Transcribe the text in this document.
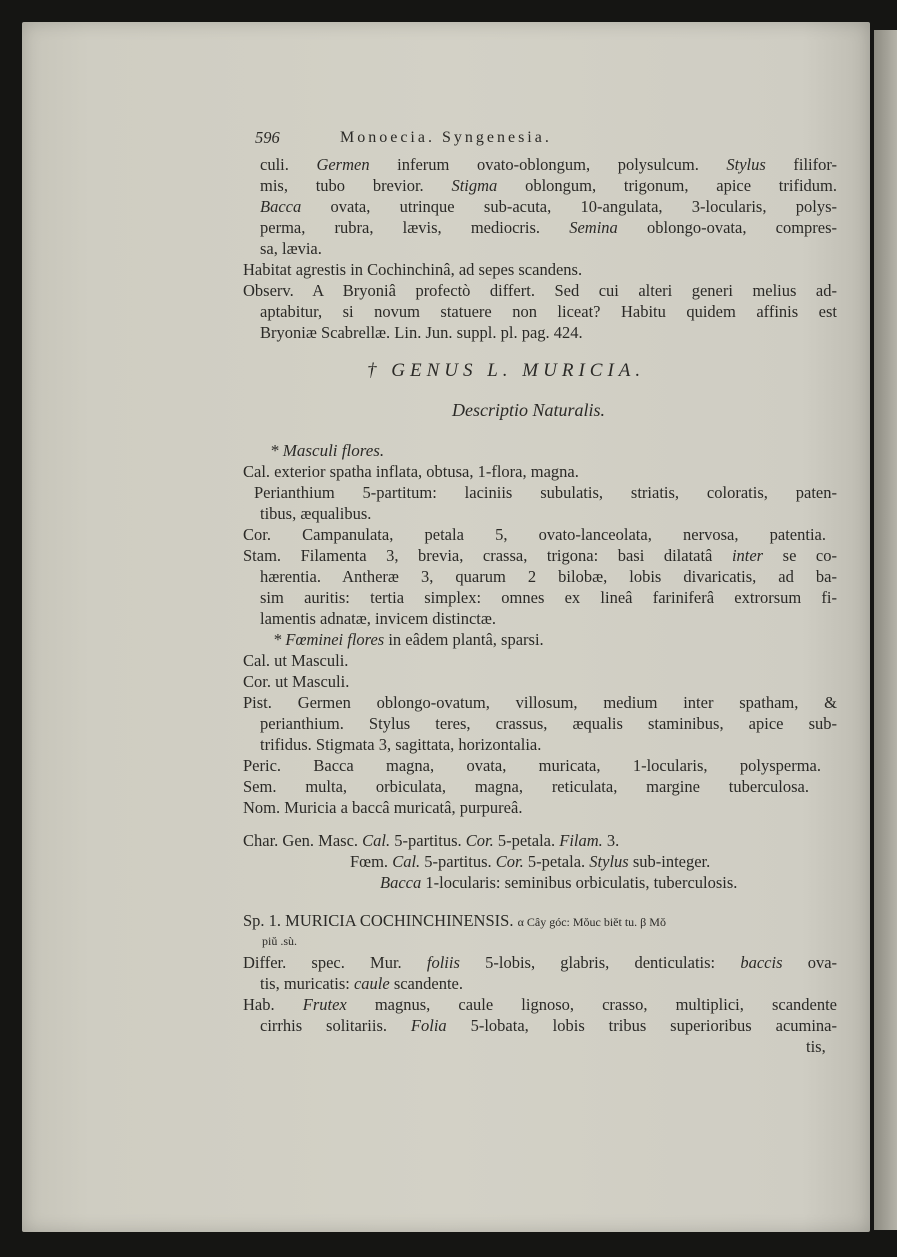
596	Monoecia. Syngenesia.
culi. Germen inferum ovato-oblongum, polysulcum. Stylus filifor-
mis, tubo brevior. Stigma oblongum, trigonum, apice trifidum.
Bacca ovata, utrinque sub-acuta, 10-angulata, 3-locularis, polys-
perma, rubra, lævis, mediocris. Semina oblongo-ovata, compres-
sa, lævia.
Habitat agrestis in Cochinchinâ, ad sepes scandens.
Observ. A Bryoniâ profectò differt. Sed cui alteri generi melius ad-
aptabitur, si novum statuere non liceat? Habitu quidem affinis est
Bryoniæ Scabrellæ. Lin. Jun. suppl. pl. pag. 424.
† GENUS L. MURICIA.
Descriptio Naturalis.
* Masculi flores.
Cal. exterior spatha inflata, obtusa, 1-flora, magna.
Perianthium 5-partitum: laciniis subulatis, striatis, coloratis, paten-
tibus, æqualibus.
Cor. Campanulata, petala 5, ovato-lanceolata, nervosa, patentia.
Stam. Filamenta 3, brevia, crassa, trigona: basi dilatatâ inter se co-
hærentia. Antheræ 3, quarum 2 bilobæ, lobis divaricatis, ad ba-
sim auritis: tertia simplex: omnes ex lineâ fariniferâ extrorsum fi-
lamentis adnatæ, invicem distinctæ.
* Fœminei flores in eâdem plantâ, sparsi.
Cal. ut Masculi.
Cor. ut Masculi.
Pist. Germen oblongo-ovatum, villosum, medium inter spatham, &
perianthium. Stylus teres, crassus, æqualis staminibus, apice sub-
trifidus. Stigmata 3, sagittata, horizontalia.
Peric. Bacca magna, ovata, muricata, 1-locularis, polysperma.
Sem. multa, orbiculata, magna, reticulata, margine tuberculosa.
Nom. Muricia a baccâ muricatâ, purpureâ.
Char. Gen. Masc. Cal. 5-partitus. Cor. 5-petala. Filam. 3.
Fœm. Cal. 5-partitus. Cor. 5-petala. Stylus sub-integer.
Bacca 1-locularis: seminibus orbiculatis, tuberculosis.
Sp. 1. MURICIA COCHINCHINENSIS. α Cây góc: Mŏuc biĕt tu. β Mŏ
piŭ .sù.
Differ. spec. Mur. foliis 5-lobis, glabris, denticulatis: baccis ova-
tis, muricatis: caule scandente.
Hab. Frutex magnus, caule lignoso, crasso, multiplici, scandente
cirrhis solitariis. Folia 5-lobata, lobis tribus superioribus acumina-
tis,
